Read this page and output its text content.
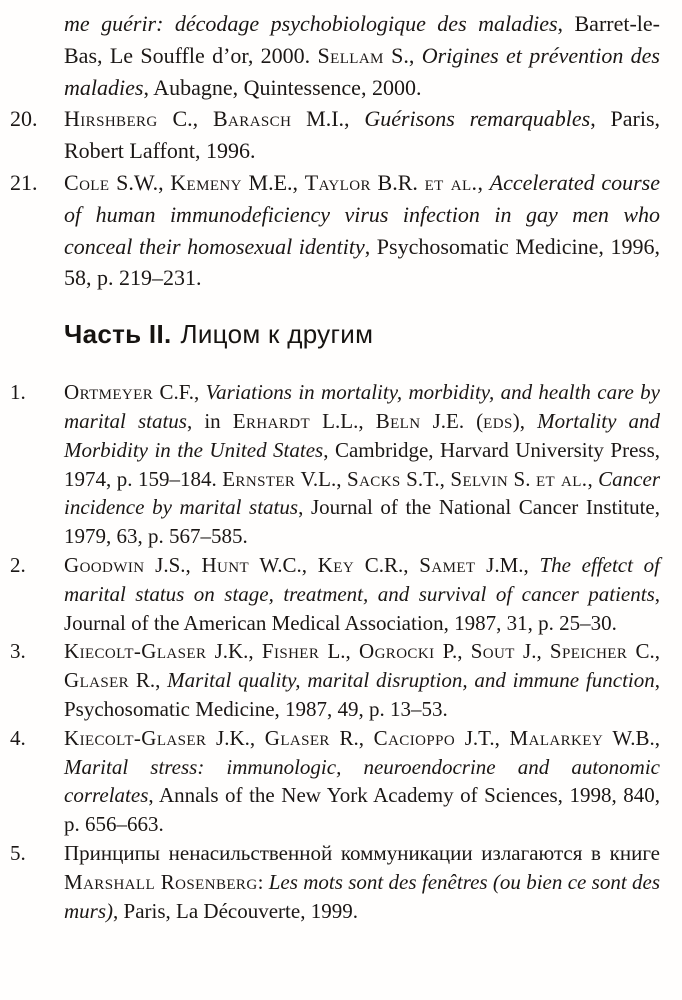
me guérir: décodage psychobiologique des maladies, Barret-le-Bas, Le Souffle d’or, 2000. Sellam S., Origines et prévention des maladies, Aubagne, Quintessence, 2000.

20. Hirshberg C., Barasch M.I., Guérisons remarquables, Paris, Robert Laffont, 1996.

21. Cole S.W., Kemeny M.E., Taylor B.R. et al., Accelerated course of human immunodeficiency virus infection in gay men who conceal their homosexual identity, Psychosomatic Medicine, 1996, 58, p. 219–231.

Часть II. Лицом к другим
1. Ortmeyer C.F., Variations in mortality, morbidity, and health care by marital status, in Erhardt L.L., Beln J.E. (eds), Mortality and Morbidity in the United States, Cambridge, Harvard University Press, 1974, p. 159–184. Ernster V.L., Sacks S.T., Selvin S. et al., Cancer incidence by marital status, Journal of the National Cancer Institute, 1979, 63, p. 567–585.

2. Goodwin J.S., Hunt W.C., Key C.R., Samet J.M., The effetct of marital status on stage, treatment, and survival of cancer patients, Journal of the American Medical Association, 1987, 31, p. 25–30.

3. Kiecolt-Glaser J.K., Fisher L., Ogrocki P., Sout J., Speicher C., Glaser R., Marital quality, marital disruption, and immune function, Psychosomatic Medicine, 1987, 49, p. 13–53.

4. Kiecolt-Glaser J.K., Glaser R., Cacioppo J.T., Malarkey W.B., Marital stress: immunologic, neuroendocrine and autonomic correlates, Annals of the New York Academy of Sciences, 1998, 840, p. 656–663.

5. Принципы ненасильственной коммуникации излагаются в книге Marshall Rosenberg: Les mots sont des fenêtres (ou bien ce sont des murs), Paris, La Découverte, 1999.
